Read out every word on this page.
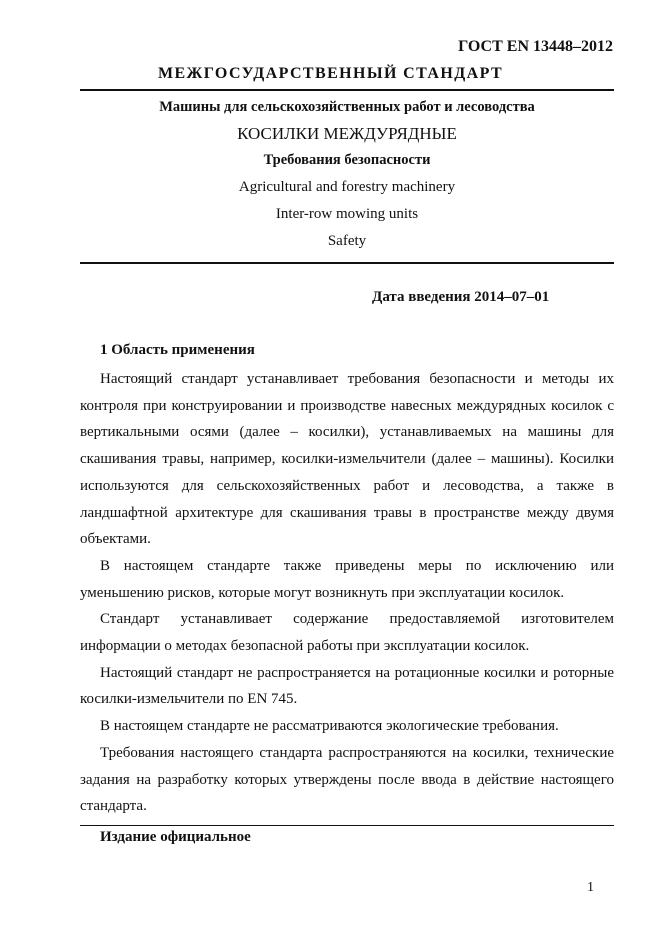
ГОСТ EN 13448–2012
МЕЖГОСУДАРСТВЕННЫЙ СТАНДАРТ
Машины для сельскохозяйственных работ и лесоводства
КОСИЛКИ МЕЖДУРЯДНЫЕ
Требования безопасности
Agricultural and forestry machinery
Inter-row mowing units
Safety
Дата введения 2014–07–01
1 Область применения

Настоящий стандарт устанавливает требования безопасности и методы их контроля при конструировании и производстве навесных междурядных косилок с вертикальными осями (далее – косилки), устанавливаемых на машины для скашивания травы, например, косилки-измельчители (далее – машины). Косилки используются для сельскохозяйственных работ и лесоводства, а также в ландшафтной архитектуре для скашивания травы в пространстве между двумя объектами.

В настоящем стандарте также приведены меры по исключению или уменьшению рисков, которые могут возникнуть при эксплуатации косилок.

Стандарт устанавливает содержание предоставляемой изготовителем информации о методах безопасной работы при эксплуатации косилок.

Настоящий стандарт не распространяется на ротационные косилки и роторные косилки-измельчители по EN 745.

В настоящем стандарте не рассматриваются экологические требования.

Требования настоящего стандарта распространяются на косилки, технические задания на разработку которых утверждены после ввода в действие настоящего стандарта.

Издание официальное
1
